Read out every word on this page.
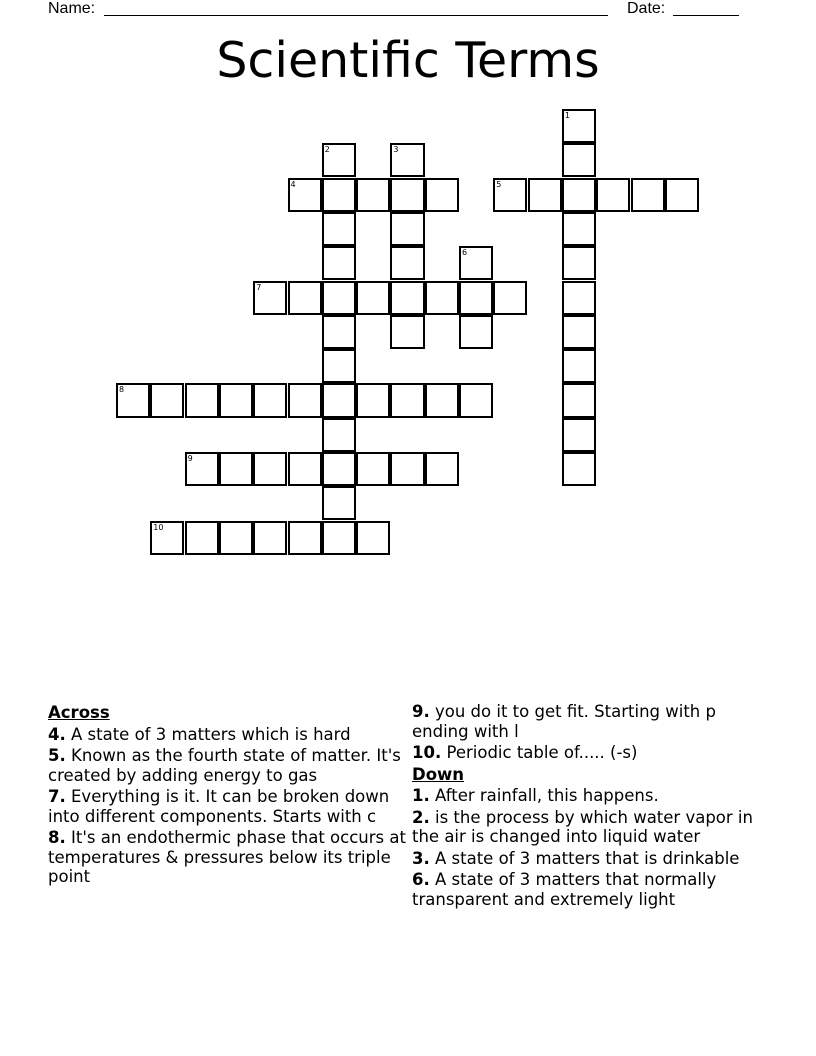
Name:	Date:
Scientific Terms
1
2	3
4	5
6
7
8
9
10
Across
4. A state of 3 matters which is hard
5. Known as the fourth state of matter. It's created by adding energy to gas
7. Everything is it. It can be broken down into different components. Starts with c
8. It's an endothermic phase that occurs at temperatures & pressures below its triple point
9. you do it to get fit. Starting with p ending with l
10. Periodic table of..... (-s)
Down
1. After rainfall, this happens.
2. is the process by which water vapor in the air is changed into liquid water
3. A state of 3 matters that is drinkable
6. A state of 3 matters that normally transparent and extremely light
